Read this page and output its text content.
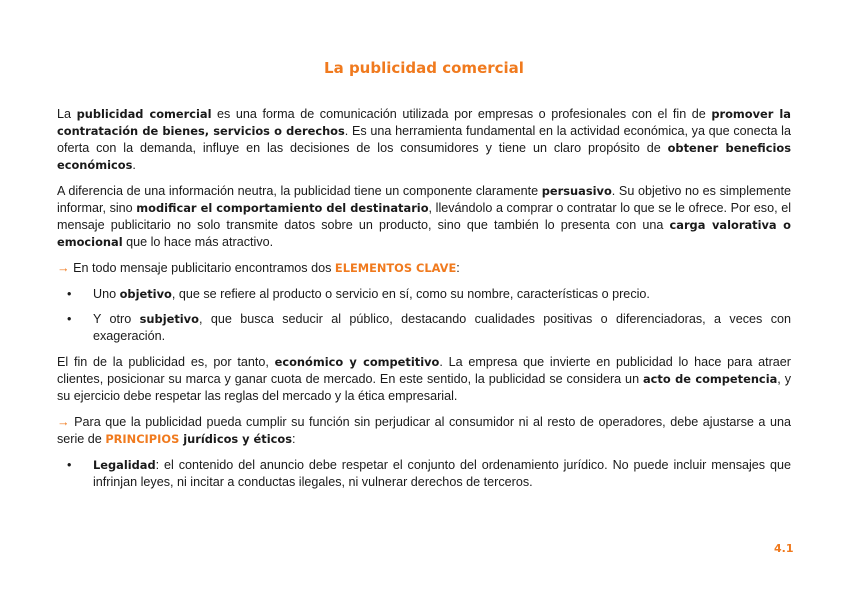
La publicidad comercial

La publicidad comercial es una forma de comunicación utilizada por empresas o profesionales con el fin de promover la contratación de bienes, servicios o derechos. Es una herramienta fundamental en la actividad económica, ya que conecta la oferta con la demanda, influye en las decisiones de los consumidores y tiene un claro propósito de obtener beneficios económicos.

A diferencia de una información neutra, la publicidad tiene un componente claramente persuasivo. Su objetivo no es simplemente informar, sino modificar el comportamiento del destinatario, llevándolo a comprar o contratar lo que se le ofrece. Por eso, el mensaje publicitario no solo transmite datos sobre un producto, sino que también lo presenta con una carga valorativa o emocional que lo hace más atractivo.

→ En todo mensaje publicitario encontramos dos ELEMENTOS CLAVE:

• Uno objetivo, que se refiere al producto o servicio en sí, como su nombre, características o precio.
• Y otro subjetivo, que busca seducir al público, destacando cualidades positivas o diferenciadoras, a veces con exageración.

El fin de la publicidad es, por tanto, económico y competitivo. La empresa que invierte en publicidad lo hace para atraer clientes, posicionar su marca y ganar cuota de mercado. En este sentido, la publicidad se considera un acto de competencia, y su ejercicio debe respetar las reglas del mercado y la ética empresarial.

→ Para que la publicidad pueda cumplir su función sin perjudicar al consumidor ni al resto de operadores, debe ajustarse a una serie de PRINCIPIOS jurídicos y éticos:

• Legalidad: el contenido del anuncio debe respetar el conjunto del ordenamiento jurídico. No puede incluir mensajes que infrinjan leyes, ni incitar a conductas ilegales, ni vulnerar derechos de terceros.
4.1
